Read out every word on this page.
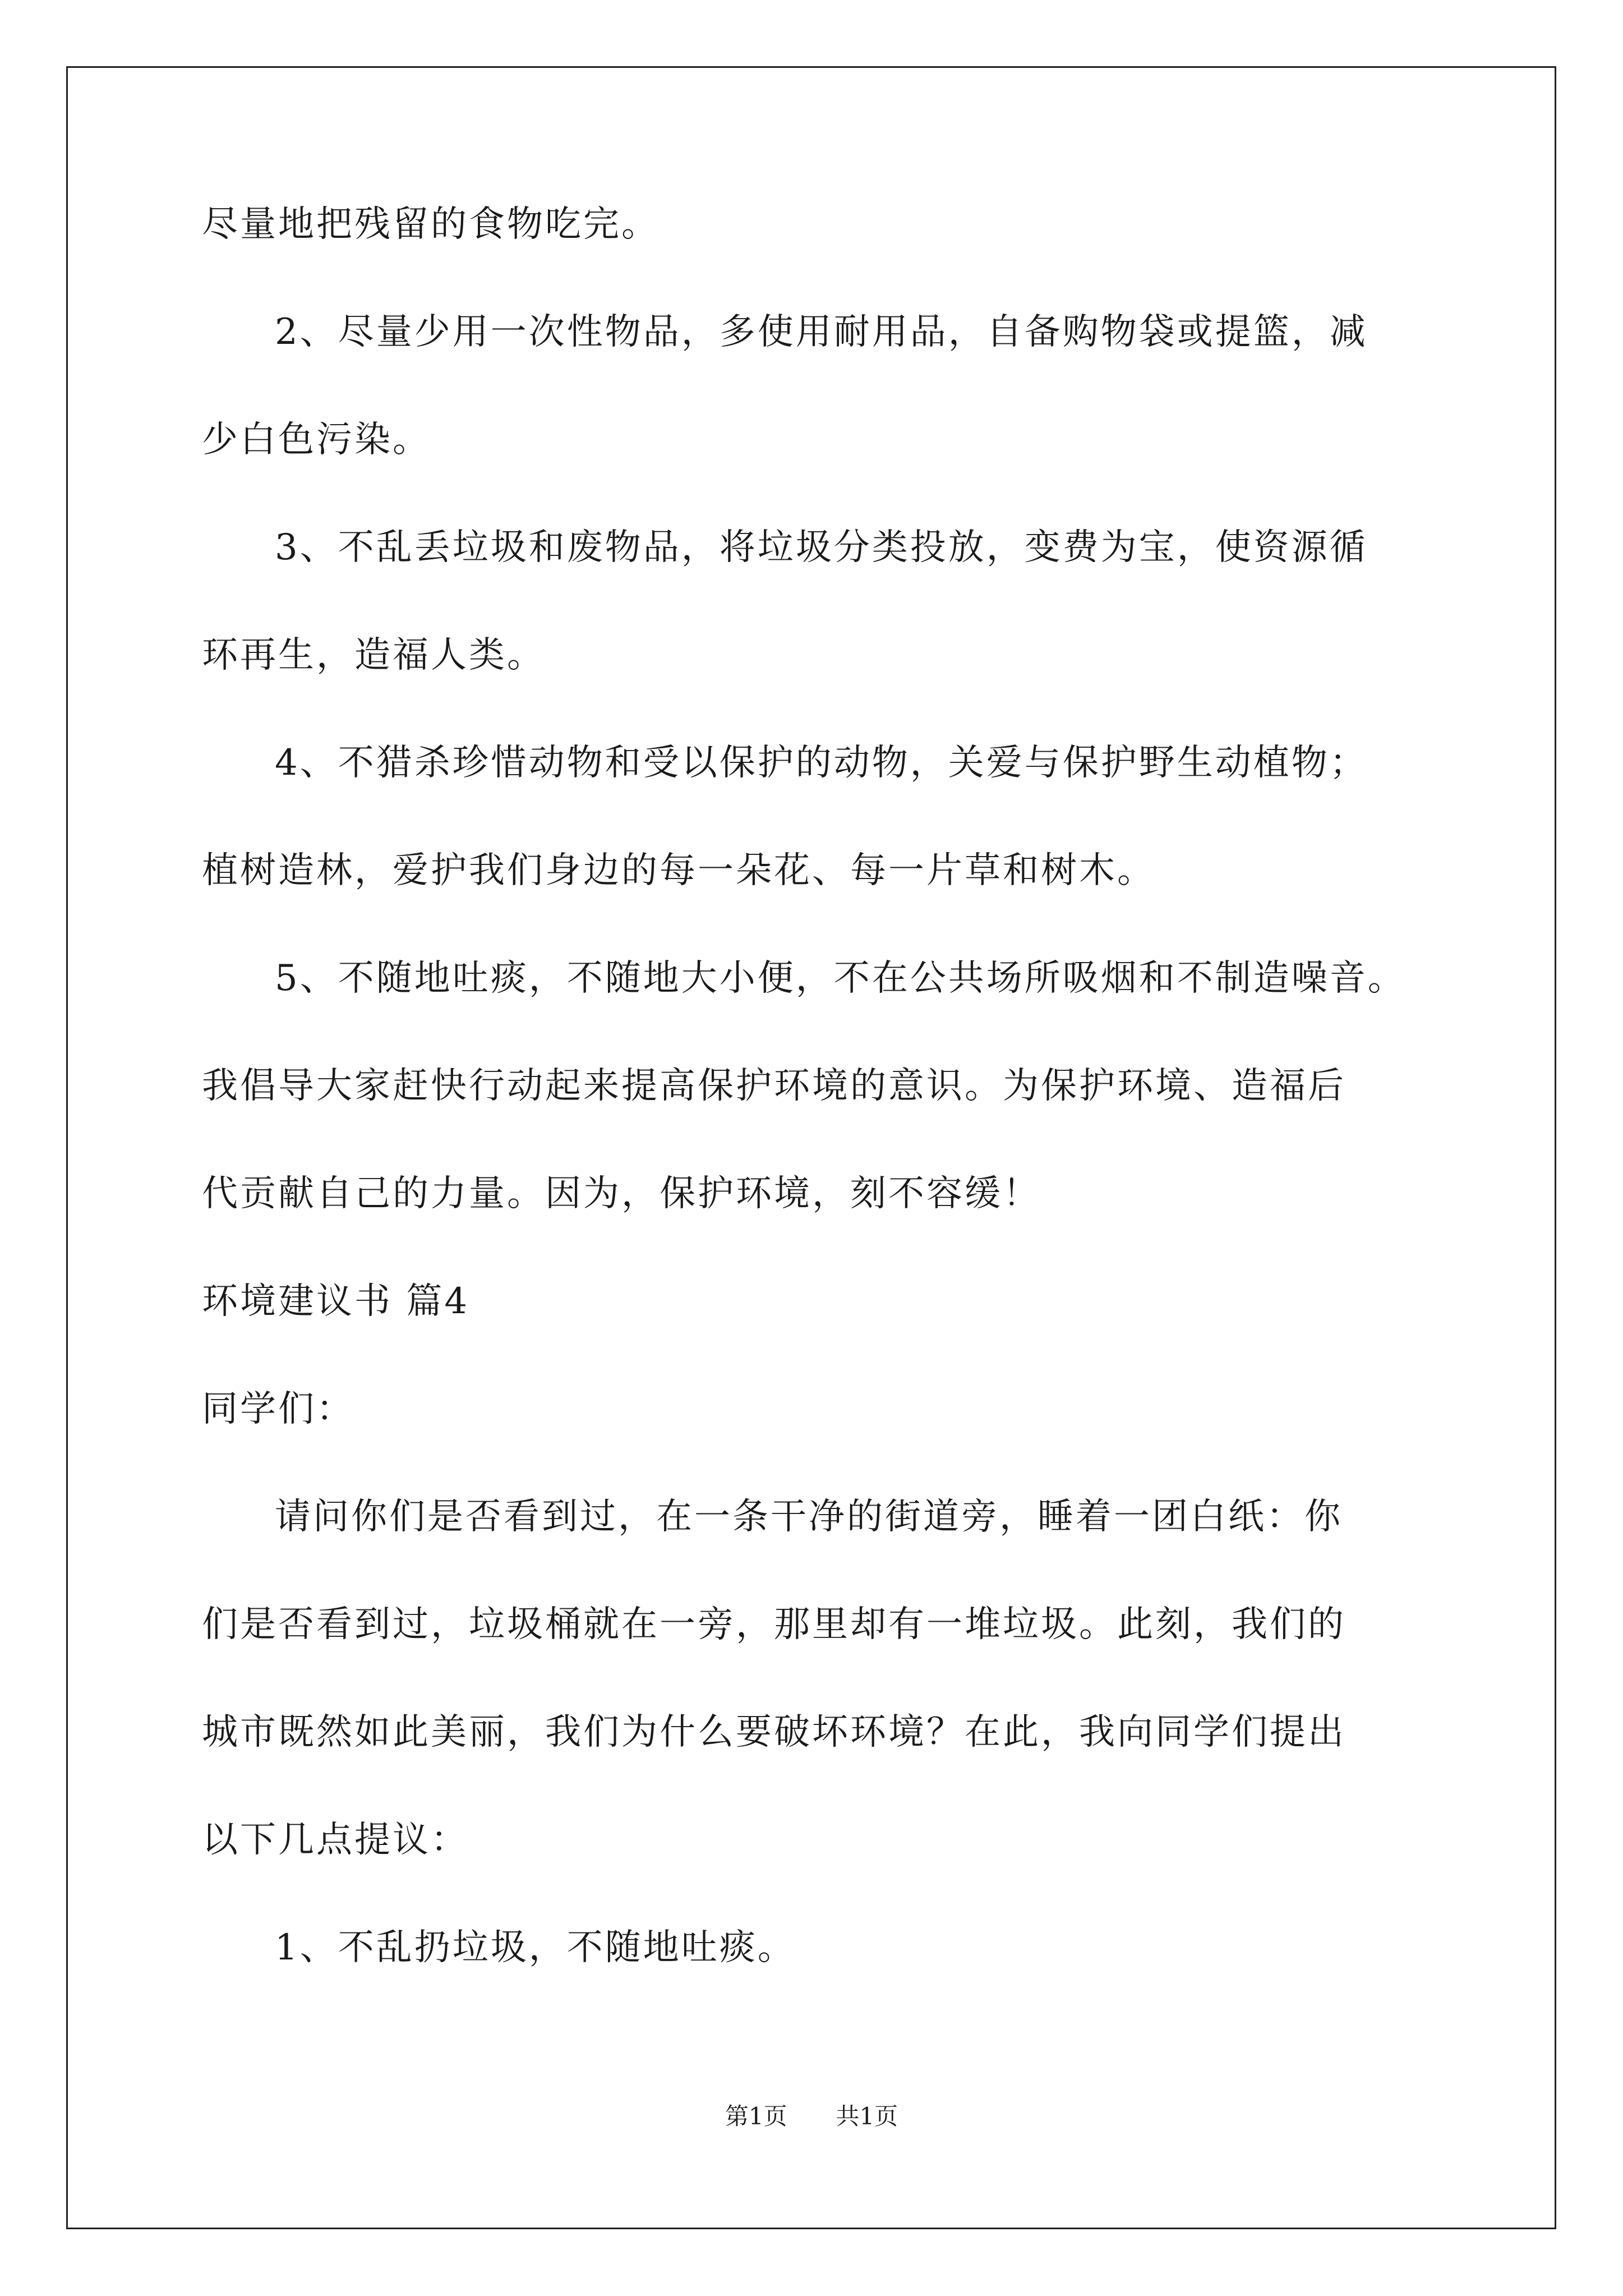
尽量地把残留的食物吃完。
2、尽量少用一次性物品，多使用耐用品，自备购物袋或提篮，减
少白色污染。
3、不乱丢垃圾和废物品，将垃圾分类投放，变费为宝，使资源循
环再生，造福人类。
4、不猎杀珍惜动物和受以保护的动物，关爱与保护野生动植物；
植树造林，爱护我们身边的每一朵花、每一片草和树木。
5、不随地吐痰，不随地大小便，不在公共场所吸烟和不制造噪音。
我倡导大家赶快行动起来提高保护环境的意识。为保护环境、造福后
代贡献自己的力量。因为，保护环境，刻不容缓！
环境建议书 篇4
同学们：
请问你们是否看到过，在一条干净的街道旁，睡着一团白纸：你
们是否看到过，垃圾桶就在一旁，那里却有一堆垃圾。此刻，我们的
城市既然如此美丽，我们为什么要破坏环境？在此，我向同学们提出
以下几点提议：
1、不乱扔垃圾，不随地吐痰。
第1页 共1页
